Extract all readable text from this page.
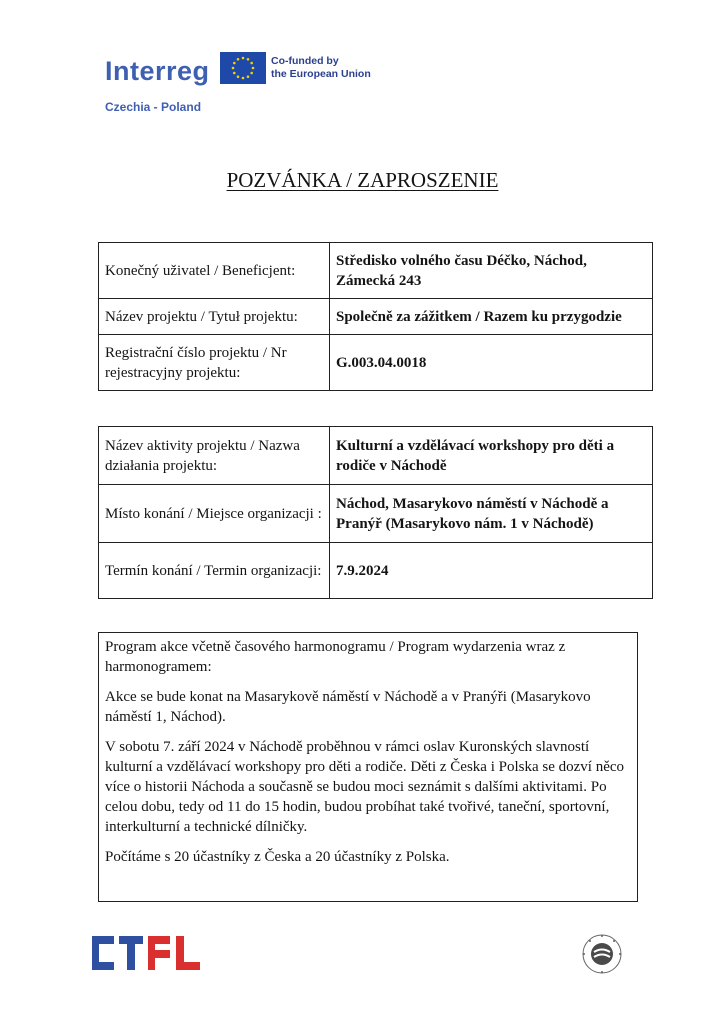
Interreg	Co-funded by
the European Union
Czechia - Poland
POZVÁNKA / ZAPROSZENIE
Konečný uživatel / Beneficjent:	Středisko volného času Déčko, Náchod, Zámecká 243
Název projektu / Tytuł projektu:	Společně za zážitkem / Razem ku przygodzie
Registrační číslo projektu / Nr rejestracyjny projektu:	G.003.04.0018
Název aktivity projektu / Nazwa działania projektu:	Kulturní a vzdělávací workshopy pro děti a rodiče v Náchodě
Místo konání / Miejsce organizacji :	Náchod, Masarykovo náměstí v Náchodě a Pranýř (Masarykovo nám. 1 v Náchodě)
Termín konání / Termin organizacji:	7.9.2024

Program akce včetně časového harmonogramu / Program wydarzenia wraz z harmonogramem:

Akce se bude konat na Masarykově náměstí v Náchodě a v Pranýři (Masarykovo náměstí 1, Náchod).

V sobotu 7. září 2024 v Náchodě proběhnou v rámci oslav Kuronských slavností kulturní a vzdělávací workshopy pro děti a rodiče. Děti z Česka i Polska se dozví něco více o historii Náchoda a současně se budou moci seznámit s dalšími aktivitami. Po celou dobu, tedy od 11 do 15 hodin, budou probíhat také tvořivé, taneční, sportovní, interkulturní a technické dílničky.

Počítáme s 20 účastníky z Česka a 20 účastníky z Polska.
